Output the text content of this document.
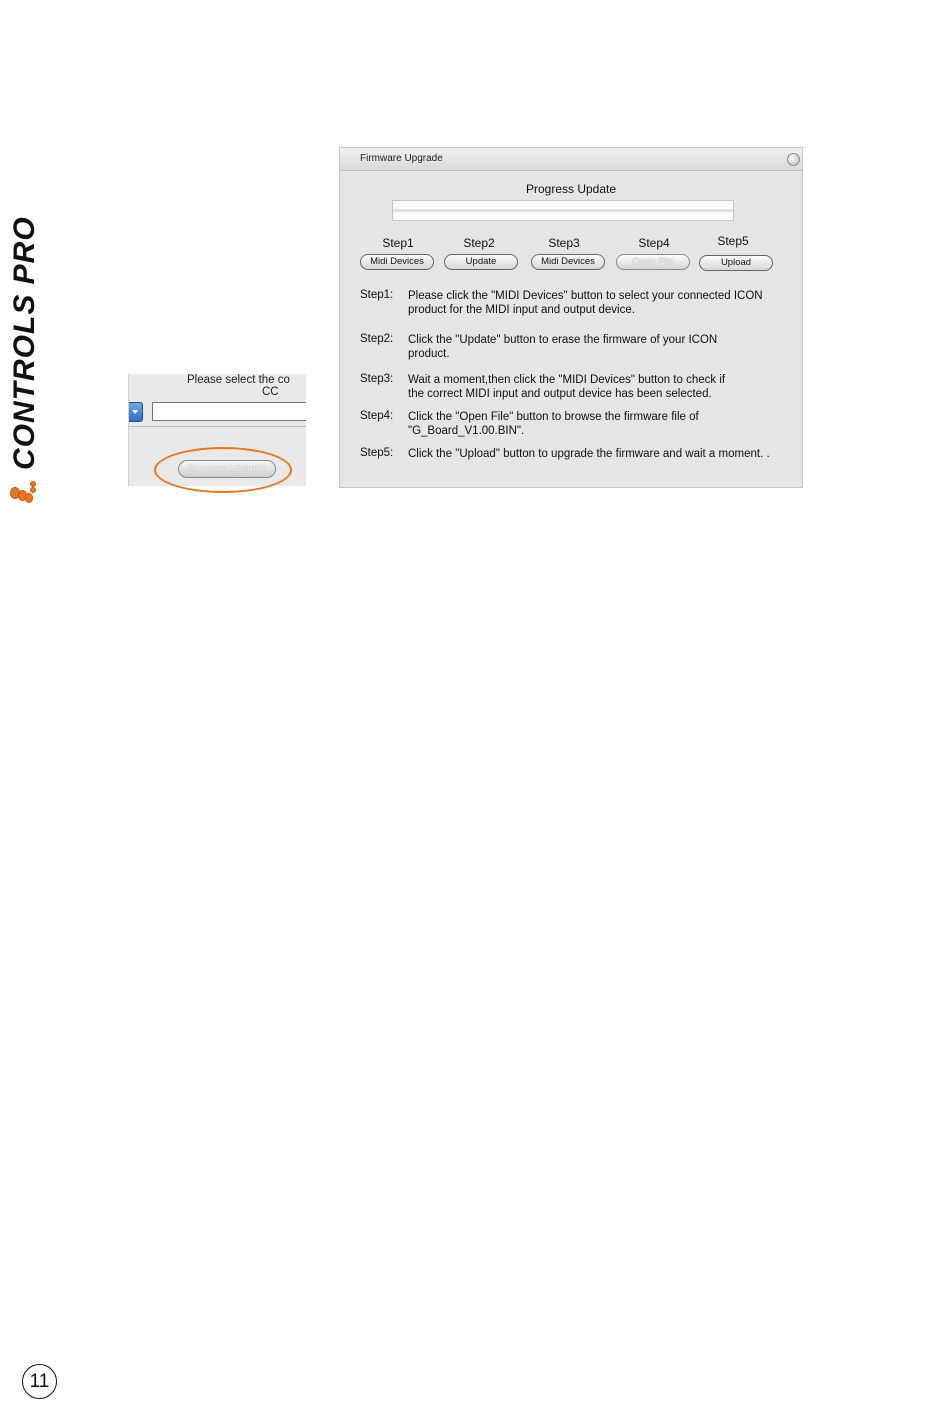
CONTROLS PRO	Please select the co
CC
Firmware Upgrade
Firmware Upgrade
Progress Update
Step1	Step2	Step3	Step4	Step5
Midi Devices	Update	Midi Devices	Open File	Upload
Step1: Please click the "MIDI Devices" button to select your connected ICON
product for the MIDI input and output device.
Step2: Click the "Update" button to erase the firmware of your ICON
product.
Step3: Wait a moment,then click the "MIDI Devices" button to check if
the correct MIDI input and output device has been selected.
Step4: Click the "Open File" button to browse the firmware file of
"G_Board_V1.00.BIN".
Step5: Click the "Upload" button to upgrade the firmware and wait a moment. .
11
